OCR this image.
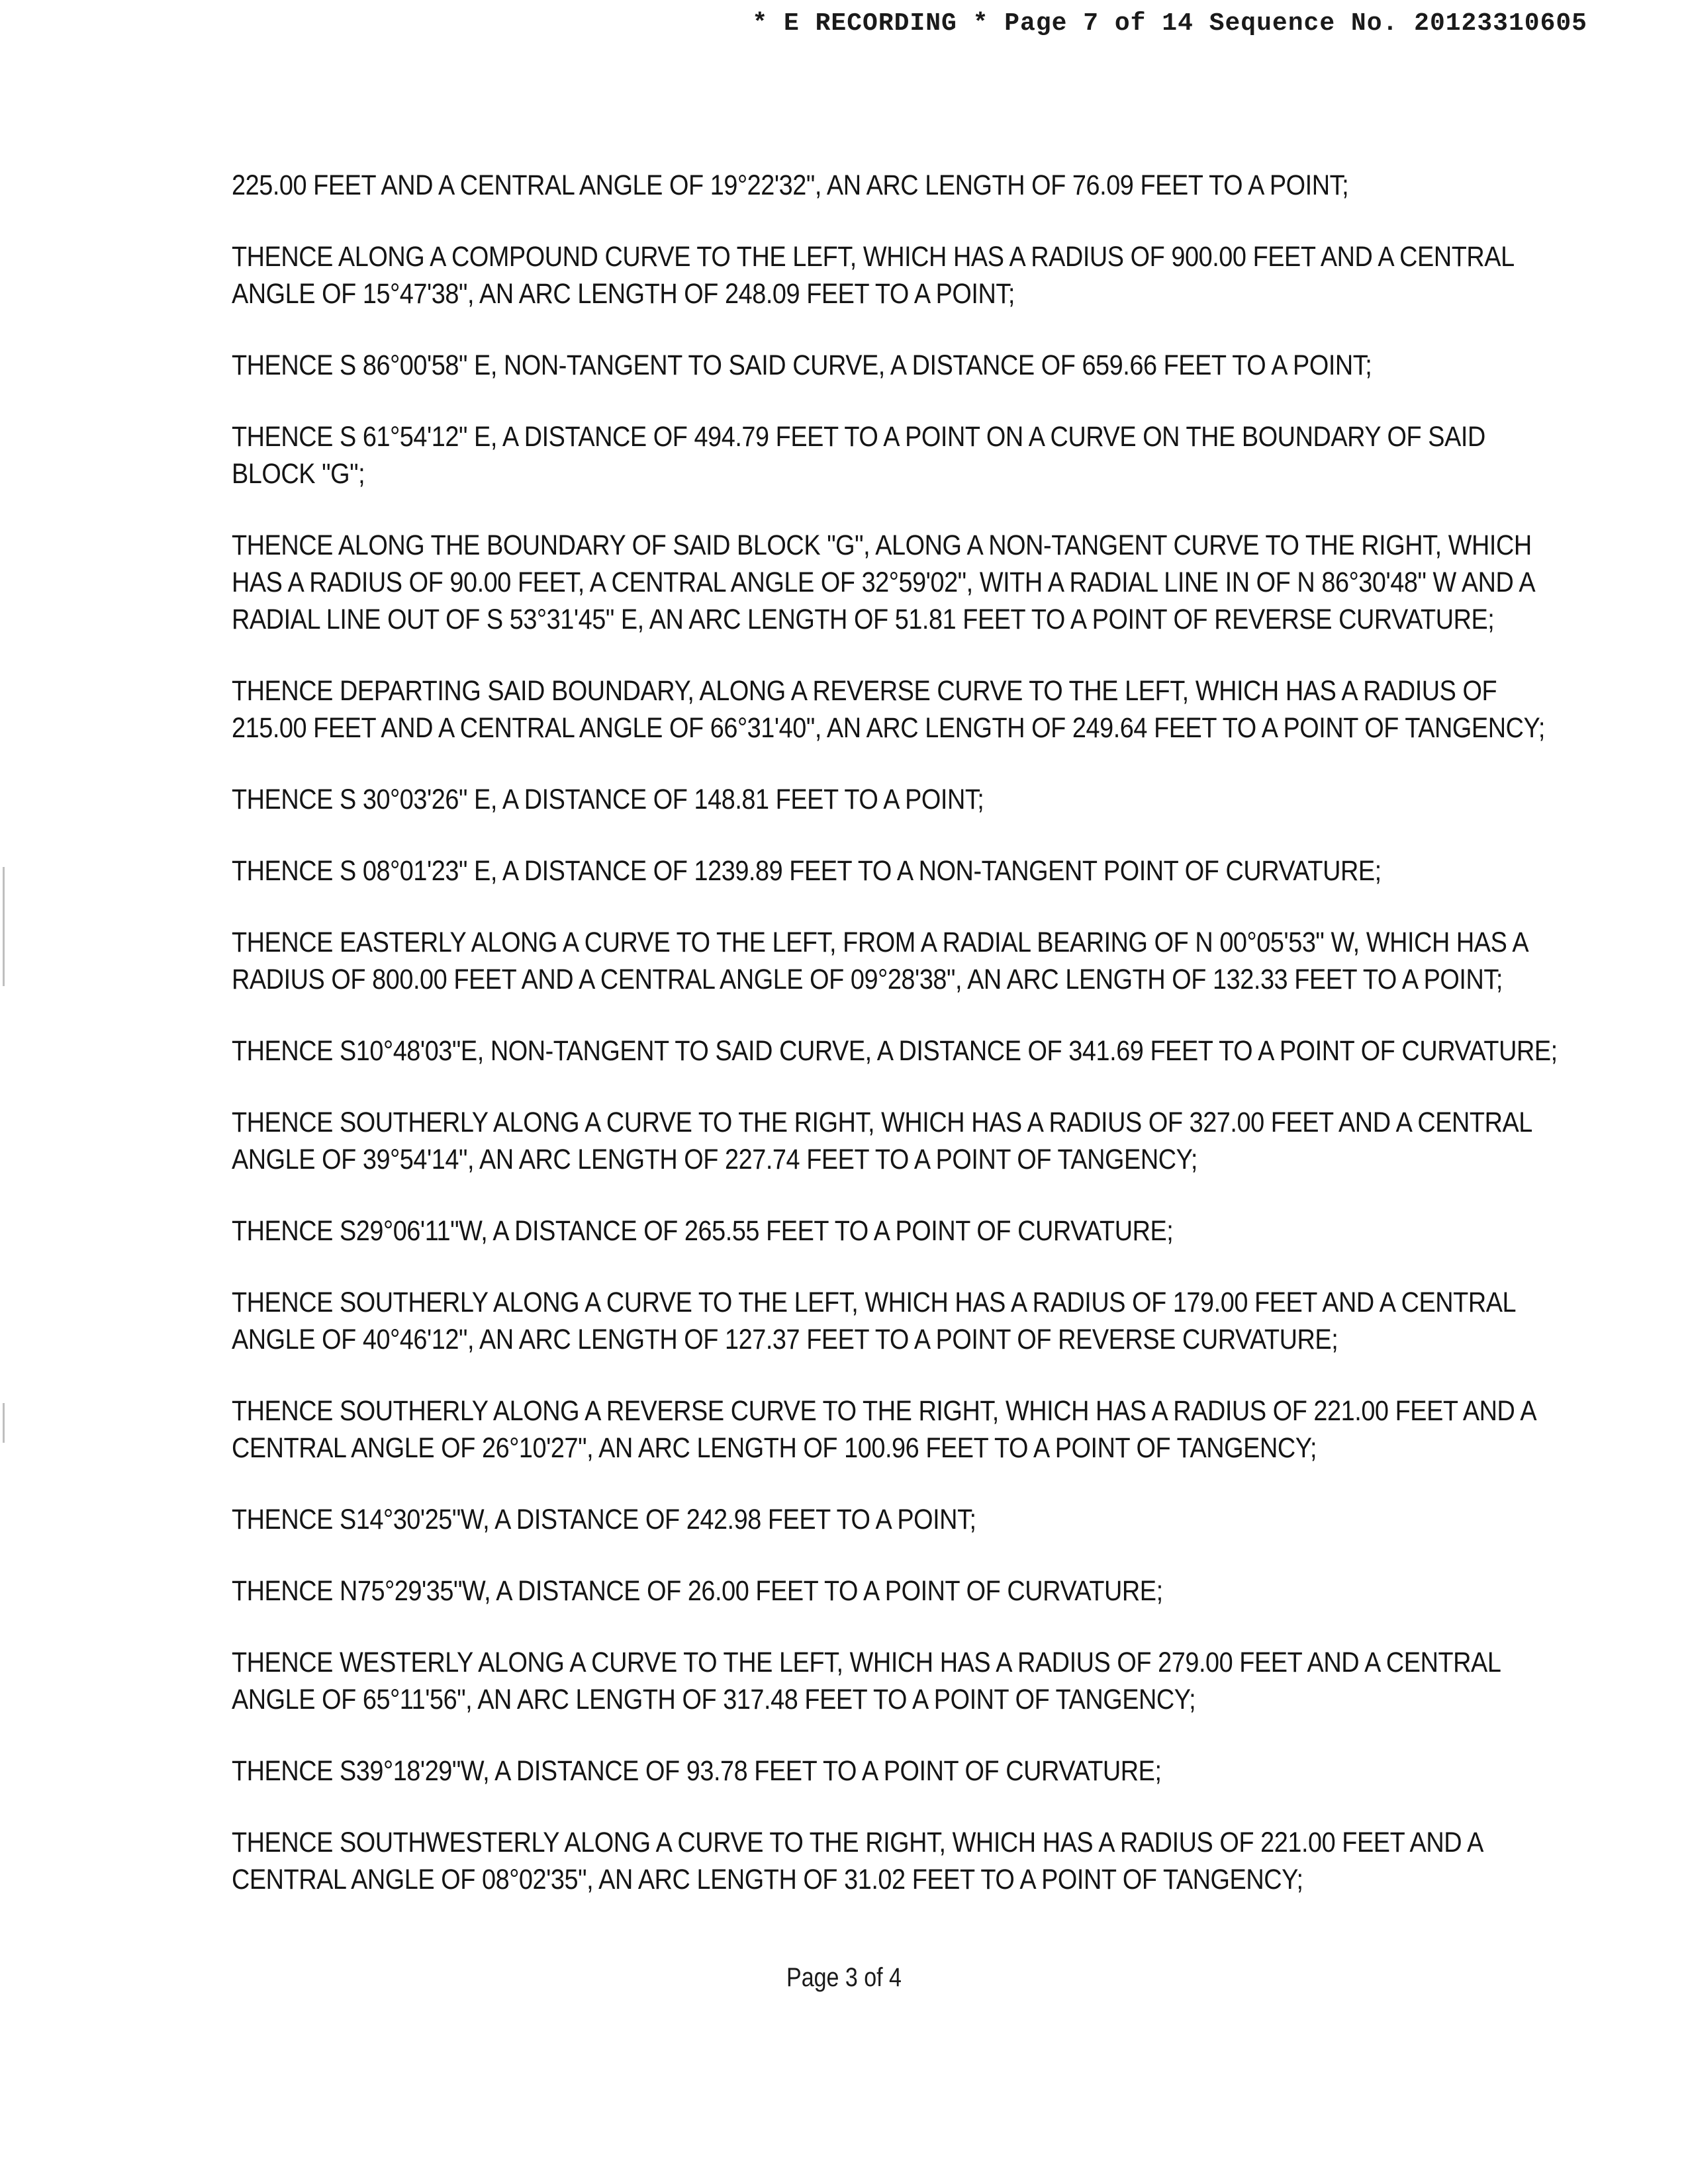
* E RECORDING * Page 7 of 14 Sequence No. 20123310605

225.00 FEET AND A CENTRAL ANGLE OF 19°22'32", AN ARC LENGTH OF 76.09 FEET TO A POINT;

THENCE ALONG A COMPOUND CURVE TO THE LEFT, WHICH HAS A RADIUS OF 900.00 FEET AND A CENTRAL ANGLE OF 15°47'38", AN ARC LENGTH OF 248.09 FEET TO A POINT;

THENCE S 86°00'58" E, NON-TANGENT TO SAID CURVE, A DISTANCE OF 659.66 FEET TO A POINT;

THENCE S 61°54'12" E, A DISTANCE OF 494.79 FEET TO A POINT ON A CURVE ON THE BOUNDARY OF SAID BLOCK "G";

THENCE ALONG THE BOUNDARY OF SAID BLOCK "G", ALONG A NON-TANGENT CURVE TO THE RIGHT, WHICH HAS A RADIUS OF 90.00 FEET, A CENTRAL ANGLE OF 32°59'02", WITH A RADIAL LINE IN OF N 86°30'48" W AND A RADIAL LINE OUT OF S 53°31'45" E, AN ARC LENGTH OF 51.81 FEET TO A POINT OF REVERSE CURVATURE;

THENCE DEPARTING SAID BOUNDARY, ALONG A REVERSE CURVE TO THE LEFT, WHICH HAS A RADIUS OF 215.00 FEET AND A CENTRAL ANGLE OF 66°31'40", AN ARC LENGTH OF 249.64 FEET TO A POINT OF TANGENCY;

THENCE S 30°03'26" E, A DISTANCE OF 148.81 FEET TO A POINT;

THENCE S 08°01'23" E, A DISTANCE OF 1239.89 FEET TO A NON-TANGENT POINT OF CURVATURE;

THENCE EASTERLY ALONG A CURVE TO THE LEFT, FROM A RADIAL BEARING OF N 00°05'53" W, WHICH HAS A RADIUS OF 800.00 FEET AND A CENTRAL ANGLE OF 09°28'38", AN ARC LENGTH OF 132.33 FEET TO A POINT;

THENCE S10°48'03"E, NON-TANGENT TO SAID CURVE, A DISTANCE OF 341.69 FEET TO A POINT OF CURVATURE;

THENCE SOUTHERLY ALONG A CURVE TO THE RIGHT, WHICH HAS A RADIUS OF 327.00 FEET AND A CENTRAL ANGLE OF 39°54'14", AN ARC LENGTH OF 227.74 FEET TO A POINT OF TANGENCY;

THENCE S29°06'11"W, A DISTANCE OF 265.55 FEET TO A POINT OF CURVATURE;

THENCE SOUTHERLY ALONG A CURVE TO THE LEFT, WHICH HAS A RADIUS OF 179.00 FEET AND A CENTRAL ANGLE OF 40°46'12", AN ARC LENGTH OF 127.37 FEET TO A POINT OF REVERSE CURVATURE;

THENCE SOUTHERLY ALONG A REVERSE CURVE TO THE RIGHT, WHICH HAS A RADIUS OF 221.00 FEET AND A CENTRAL ANGLE OF 26°10'27", AN ARC LENGTH OF 100.96 FEET TO A POINT OF TANGENCY;

THENCE S14°30'25"W, A DISTANCE OF 242.98 FEET TO A POINT;

THENCE N75°29'35"W, A DISTANCE OF 26.00 FEET TO A POINT OF CURVATURE;

THENCE WESTERLY ALONG A CURVE TO THE LEFT, WHICH HAS A RADIUS OF 279.00 FEET AND A CENTRAL ANGLE OF 65°11'56", AN ARC LENGTH OF 317.48 FEET TO A POINT OF TANGENCY;

THENCE S39°18'29"W, A DISTANCE OF 93.78 FEET TO A POINT OF CURVATURE;

THENCE SOUTHWESTERLY ALONG A CURVE TO THE RIGHT, WHICH HAS A RADIUS OF 221.00 FEET AND A CENTRAL ANGLE OF 08°02'35", AN ARC LENGTH OF 31.02 FEET TO A POINT OF TANGENCY;

Page 3 of 4
